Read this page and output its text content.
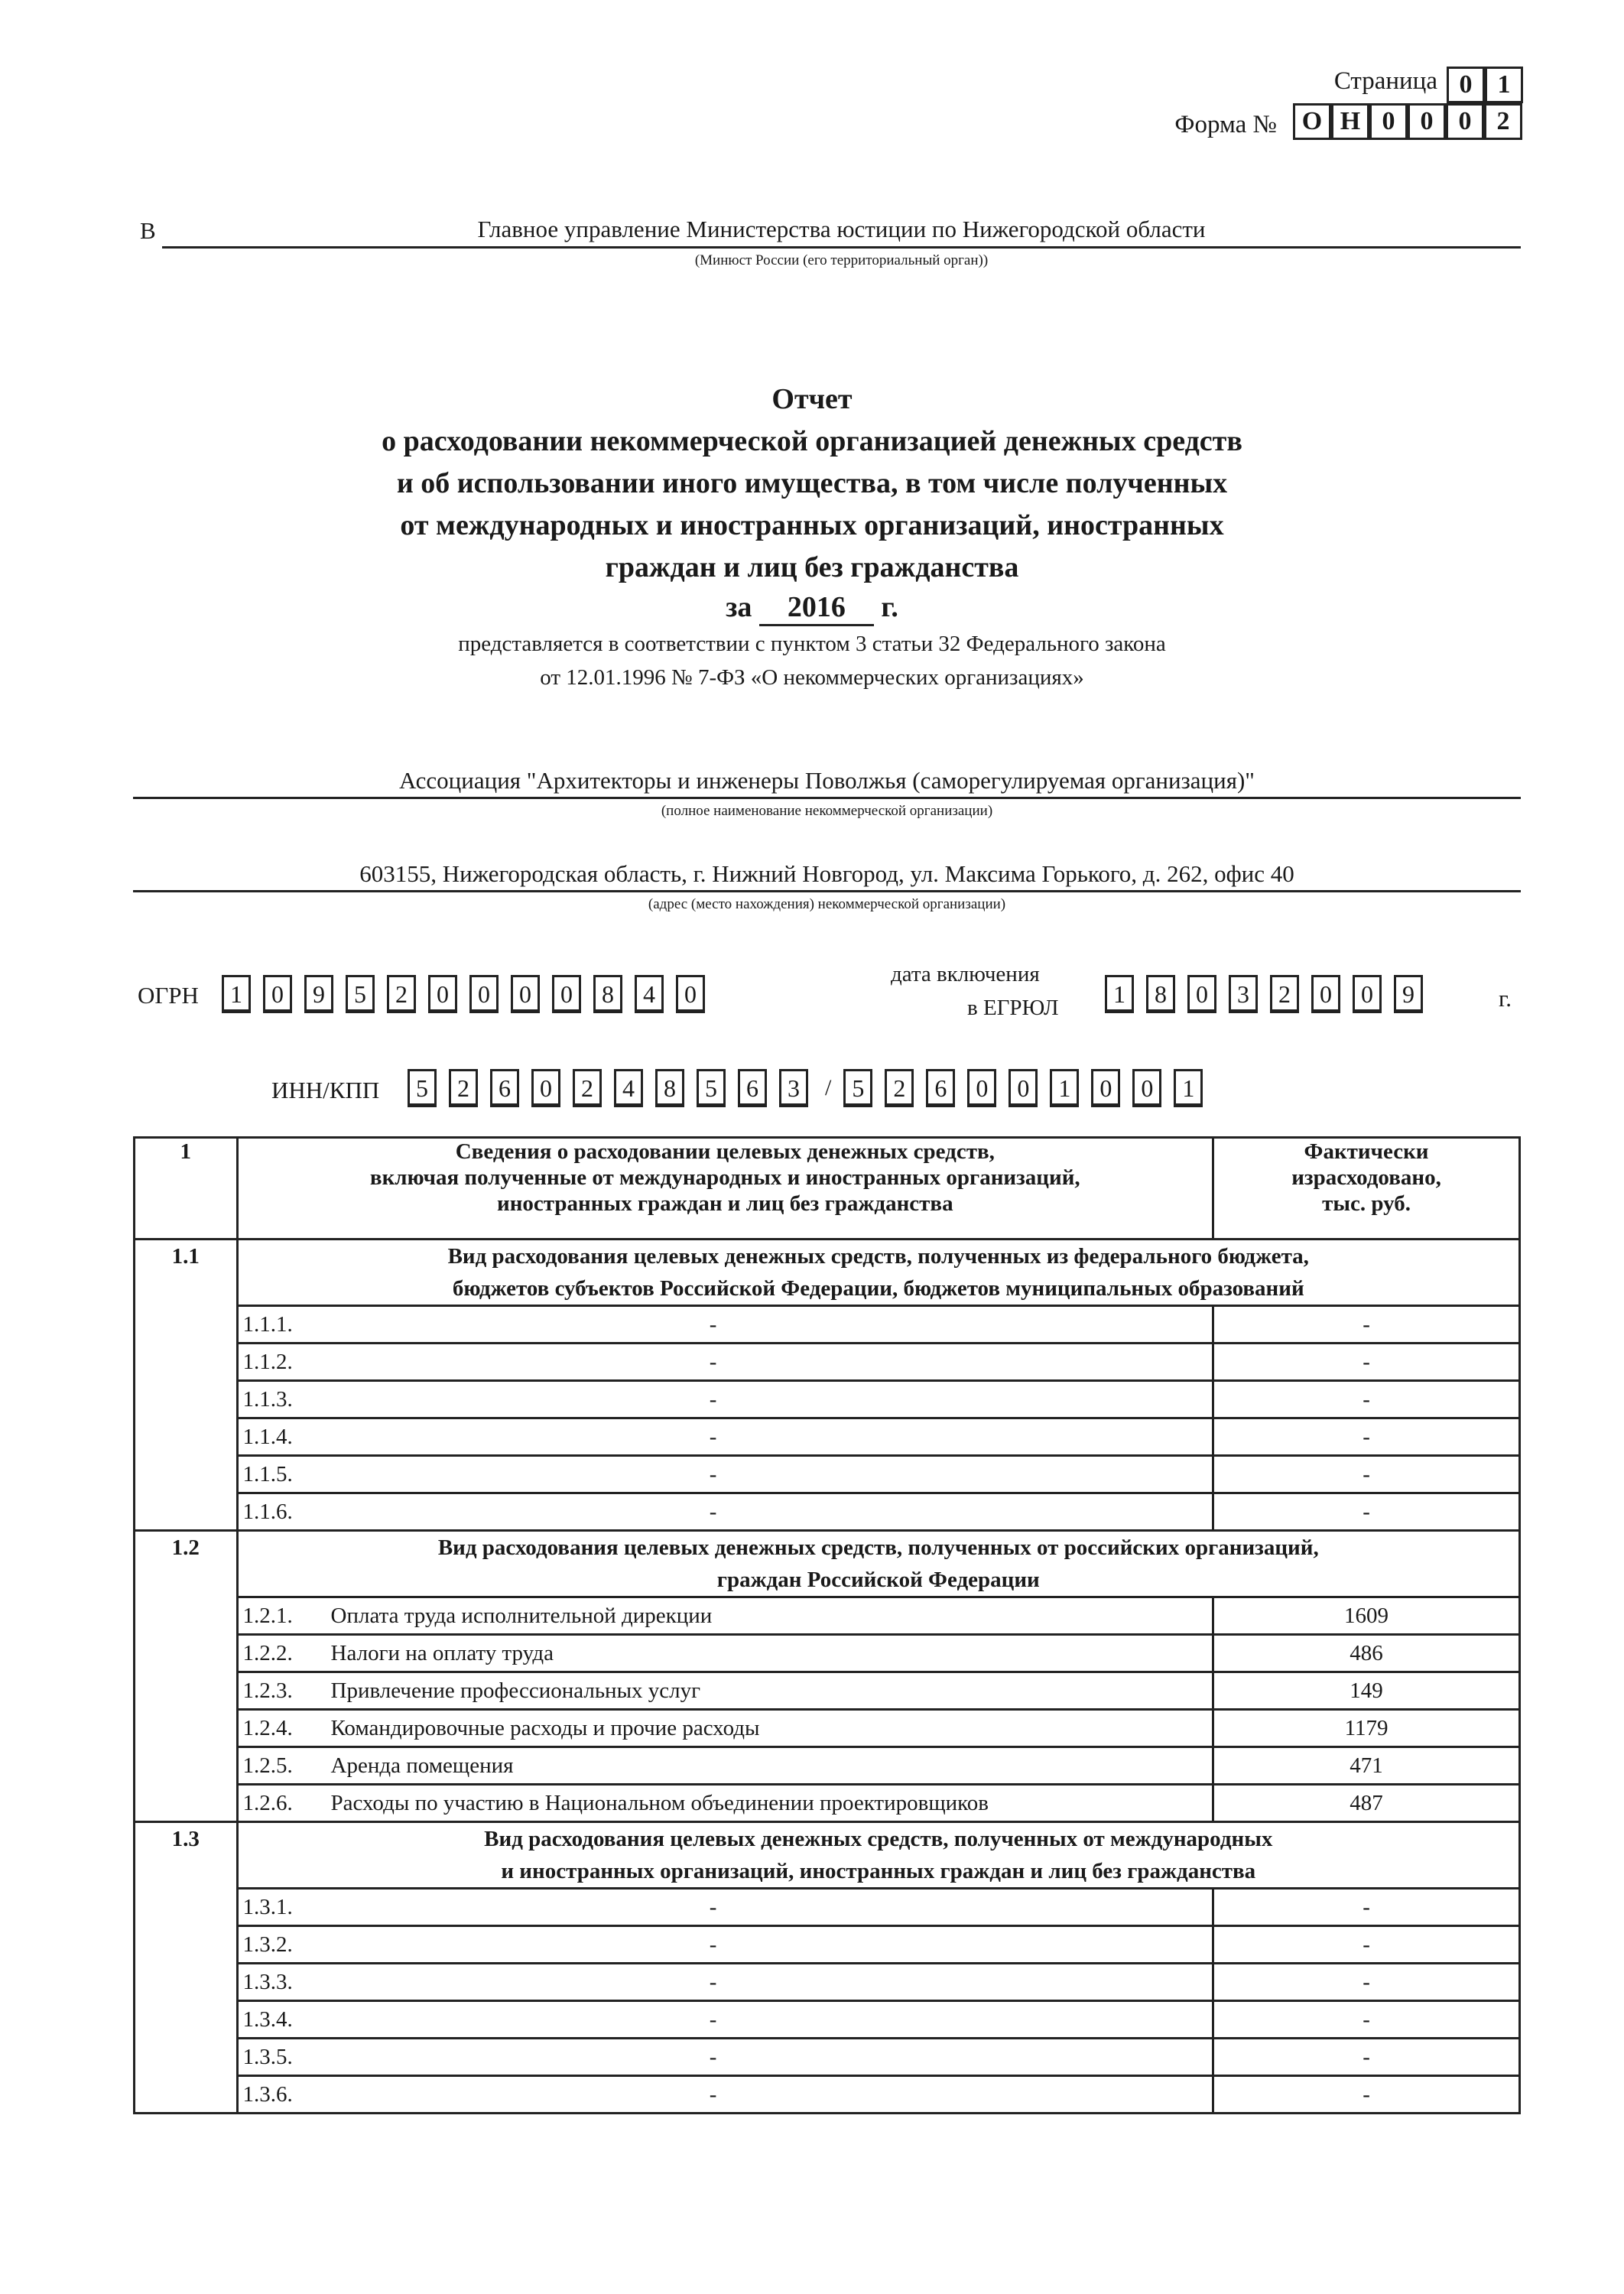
Страница 0 1
Форма № О Н 0 0 0 2
В	Главное управление Министерства юстиции по Нижегородской области
(Минюст России (его территориальный орган))
Отчет
о расходовании некоммерческой организацией денежных средств
и об использовании иного имущества, в том числе полученных
от международных и иностранных организаций, иностранных
граждан и лиц без гражданства
за 2016 г.
представляется в соответствии с пунктом 3 статьи 32 Федерального закона
от 12.01.1996 № 7-ФЗ «О некоммерческих организациях»
Ассоциация "Архитекторы и инженеры Поволжья (саморегулируемая организация)"
(полное наименование некоммерческой организации)
603155, Нижегородская область, г. Нижний Новгород, ул. Максима Горького, д. 262, офис 40
(адрес (место нахождения) некоммерческой организации)
ОГРН	1	0	9	5	2	0	0	0	0	8	4	0
дата включения
в ЕГРЮЛ	1	8	0	3	2	0	0	9	г.
ИНН/КПП	5	2	6	0	2	4	8	5	6	3	/ 5	2	6	0	0	1	0	0	1
1	Сведения о расходовании целевых денежных средств,
включая полученные от международных и иностранных организаций,
иностранных граждан и лиц без гражданства	Фактически
израсходовано,
тыс. руб.
1.1	Вид расходования целевых денежных средств, полученных из федерального бюджета,
бюджетов субъектов Российской Федерации, бюджетов муниципальных образований	
	1.1.1. -	-
	1.1.2. -	-
	1.1.3. -	-
	1.1.4. -	-
	1.1.5. -	-
	1.1.6. -	-
1.2	Вид расходования целевых денежных средств, полученных от российских организаций,
граждан Российской Федерации	
	1.2.1. Оплата труда исполнительной дирекции	1609
	1.2.2. Налоги на оплату труда	486
	1.2.3. Привлечение профессиональных услуг	149
	1.2.4. Командировочные расходы и прочие расходы	1179
	1.2.5. Аренда помещения	471
	1.2.6. Расходы по участию в Национальном объединении проектировщиков	487
1.3	Вид расходования целевых денежных средств, полученных от международных
и иностранных организаций, иностранных граждан и лиц без гражданства	
	1.3.1. -	-
	1.3.2. -	-
	1.3.3. -	-
	1.3.4. -	-
	1.3.5. -	-
	1.3.6. -	-
